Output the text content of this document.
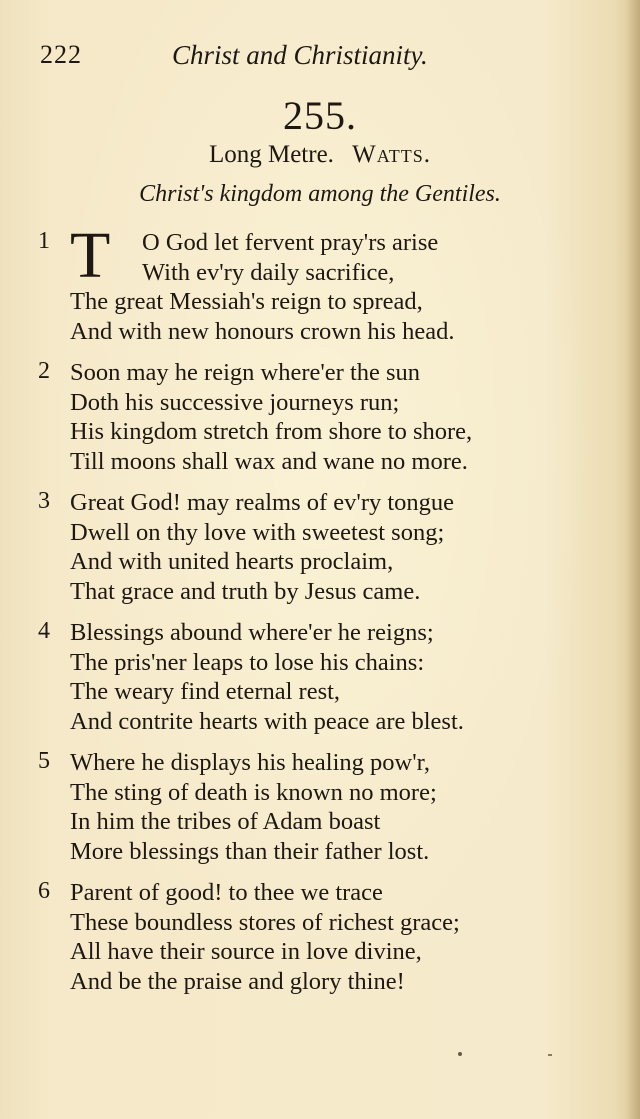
222	Christ and Christianity.
255.
Long Metre. Watts.
Christ's kingdom among the Gentiles.
1 T	O God let fervent pray'rs arise
With ev'ry daily sacrifice,
The great Messiah's reign to spread,
And with new honours crown his head.
2 Soon may he reign where'er the sun
Doth his successive journeys run;
His kingdom stretch from shore to shore,
Till moons shall wax and wane no more.
3 Great God! may realms of ev'ry tongue
Dwell on thy love with sweetest song;
And with united hearts proclaim,
That grace and truth by Jesus came.
4 Blessings abound where'er he reigns;
The pris'ner leaps to lose his chains:
The weary find eternal rest,
And contrite hearts with peace are blest.
5 Where he displays his healing pow'r,
The sting of death is known no more;
In him the tribes of Adam boast
More blessings than their father lost.
6 Parent of good! to thee we trace
These boundless stores of richest grace;
All have their source in love divine,
And be the praise and glory thine!
